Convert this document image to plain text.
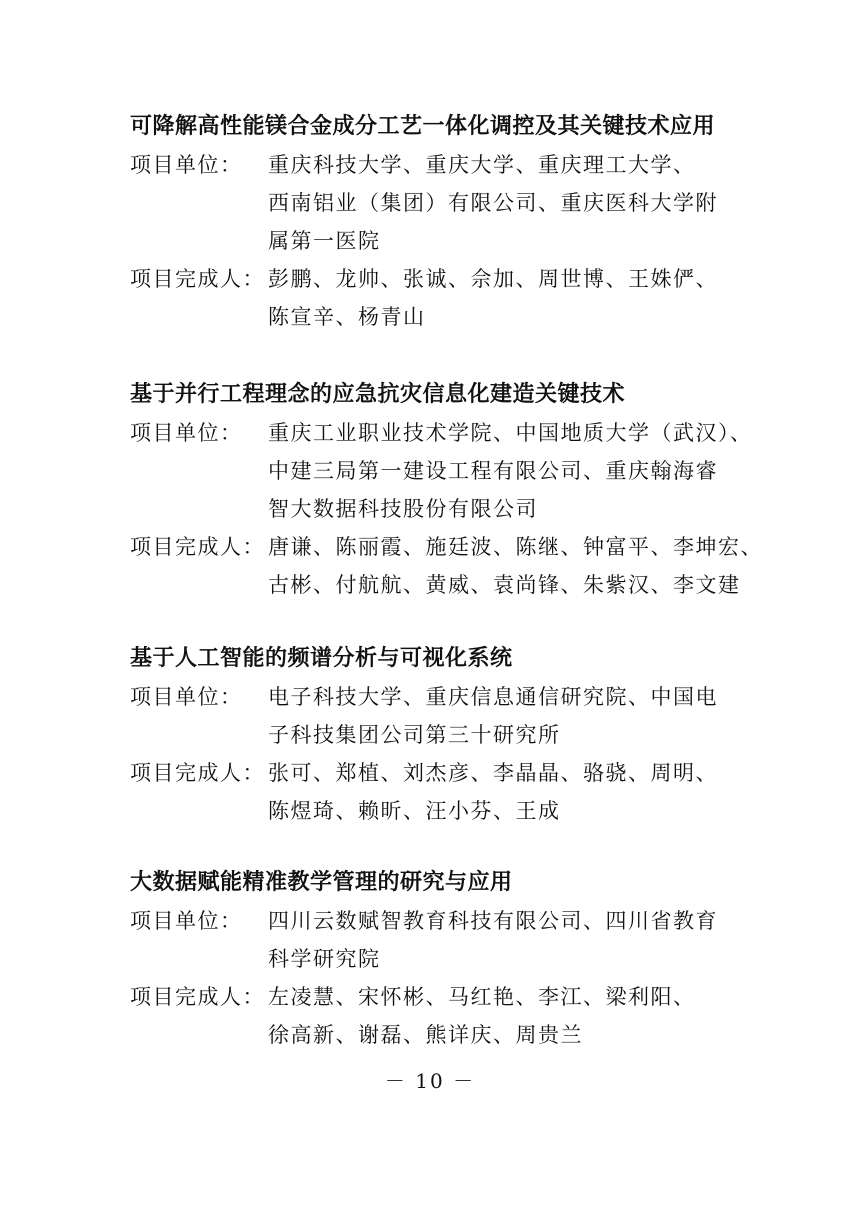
可降解高性能镁合金成分工艺一体化调控及其关键技术应用
项目单位：	重庆科技大学、重庆大学、重庆理工大学、
西南铝业（集团）有限公司、重庆医科大学附
属第一医院
项目完成人： 彭鹏、龙帅、张诚、佘加、周世博、王姝俨、
陈宣辛、杨青山
基于并行工程理念的应急抗灾信息化建造关键技术
项目单位：	重庆工业职业技术学院、中国地质大学（武汉）、
中建三局第一建设工程有限公司、重庆翰海睿
智大数据科技股份有限公司
项目完成人： 唐谦、陈丽霞、施廷波、陈继、钟富平、李坤宏、
古彬、付航航、黄威、袁尚锋、朱紫汉、李文建
基于人工智能的频谱分析与可视化系统
项目单位：	电子科技大学、重庆信息通信研究院、中国电
子科技集团公司第三十研究所
项目完成人： 张可、郑植、刘杰彦、李晶晶、骆骁、周明、
陈煜琦、赖昕、汪小芬、王成
大数据赋能精准教学管理的研究与应用
项目单位：	四川云数赋智教育科技有限公司、四川省教育
科学研究院
项目完成人： 左凌慧、宋怀彬、马红艳、李江、梁利阳、
徐高新、谢磊、熊详庆、周贵兰
－ 10 －
